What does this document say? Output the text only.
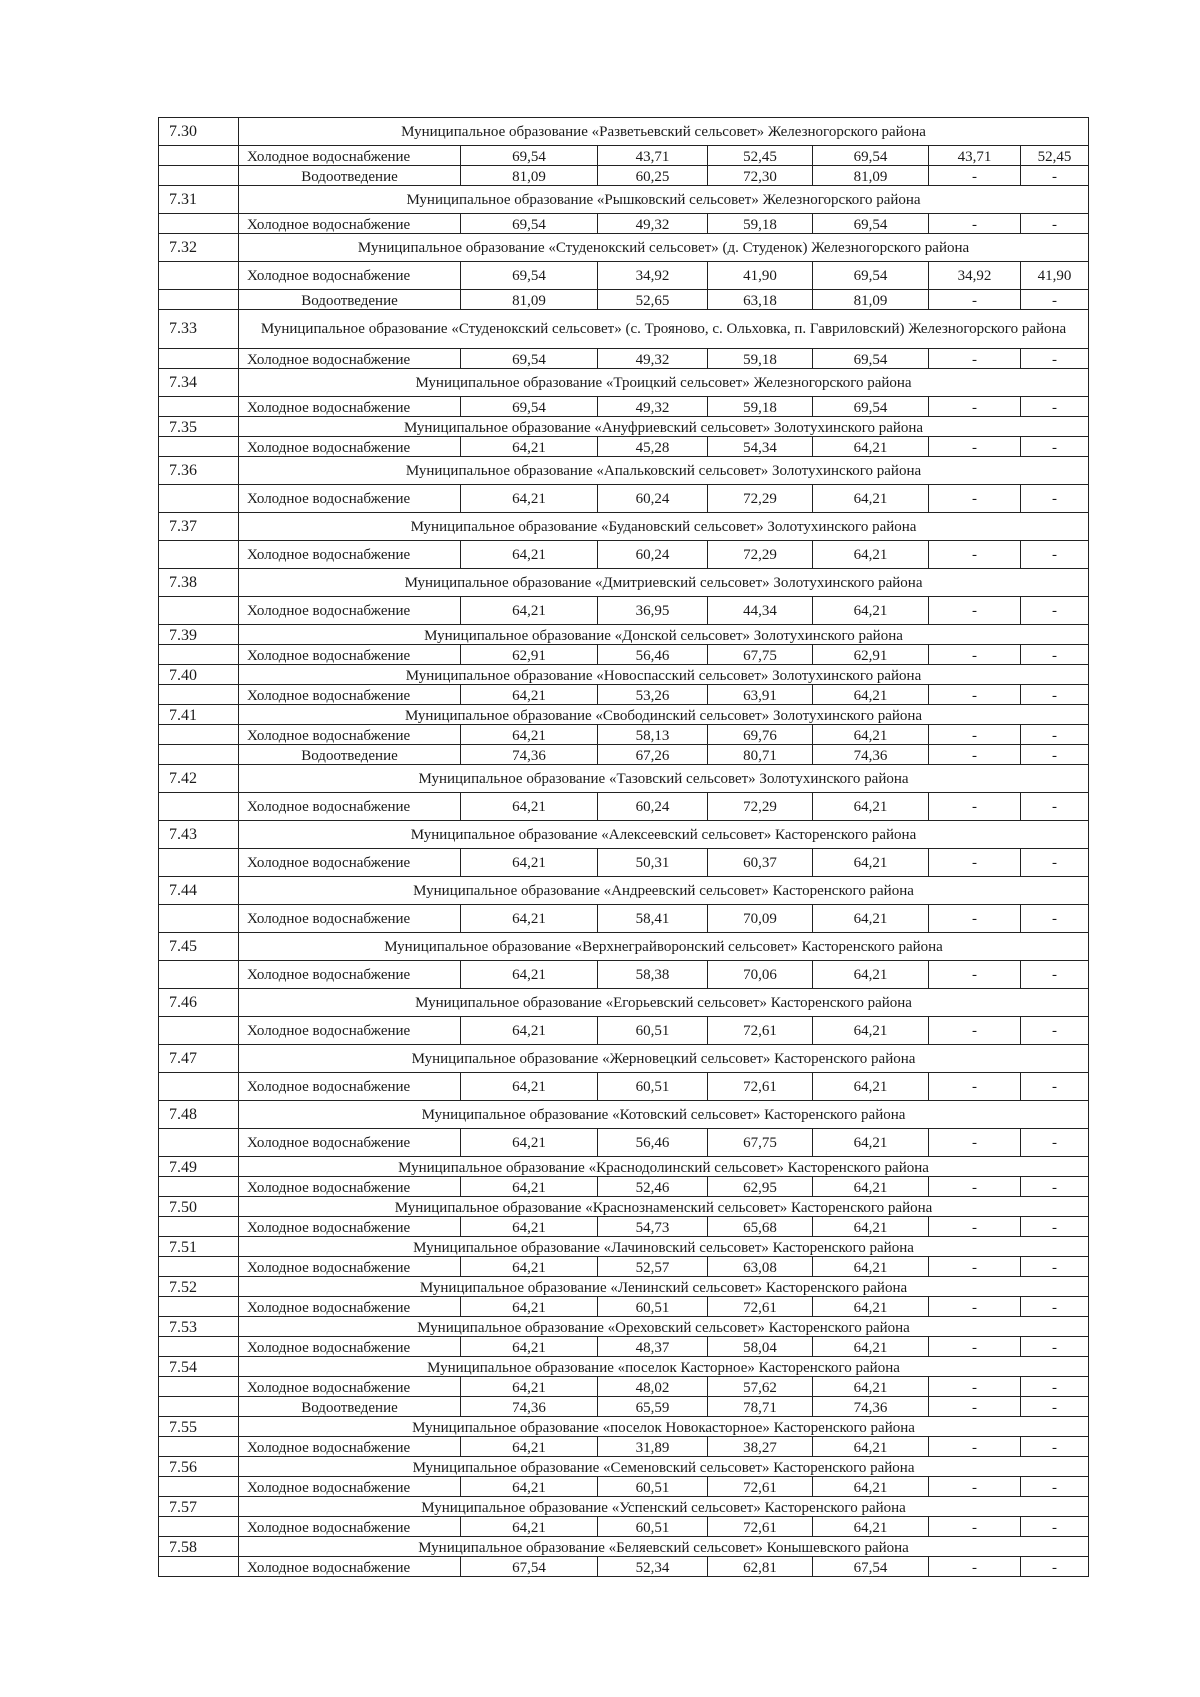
7.30	Муниципальное образование «Разветьевский сельсовет» Железногорского района						
	Холодное водоснабжение	69,54	43,71	52,45	69,54	43,71	52,45
	Водоотведение	81,09	60,25	72,30	81,09	-	-
7.31	Муниципальное образование «Рышковский сельсовет» Железногорского района						
	Холодное водоснабжение	69,54	49,32	59,18	69,54	-	-
7.32	Муниципальное образование «Студенокский сельсовет» (д. Студенок) Железногорского района						
	Холодное водоснабжение	69,54	34,92	41,90	69,54	34,92	41,90
	Водоотведение	81,09	52,65	63,18	81,09	-	-
7.33	Муниципальное образование «Студенокский сельсовет» (с. Трояново, с. Ольховка, п. Гавриловский) Железногорского района						
	Холодное водоснабжение	69,54	49,32	59,18	69,54	-	-
7.34	Муниципальное образование «Троицкий сельсовет» Железногорского района						
	Холодное водоснабжение	69,54	49,32	59,18	69,54	-	-
7.35	Муниципальное образование «Ануфриевский сельсовет» Золотухинского района						
	Холодное водоснабжение	64,21	45,28	54,34	64,21	-	-
7.36	Муниципальное образование «Апальковский сельсовет» Золотухинского района						
	Холодное водоснабжение	64,21	60,24	72,29	64,21	-	-
7.37	Муниципальное образование «Будановский сельсовет» Золотухинского района						
	Холодное водоснабжение	64,21	60,24	72,29	64,21	-	-
7.38	Муниципальное образование «Дмитриевский сельсовет» Золотухинского района						
	Холодное водоснабжение	64,21	36,95	44,34	64,21	-	-
7.39	Муниципальное образование «Донской сельсовет» Золотухинского района						
	Холодное водоснабжение	62,91	56,46	67,75	62,91	-	-
7.40	Муниципальное образование «Новоспасский сельсовет» Золотухинского района						
	Холодное водоснабжение	64,21	53,26	63,91	64,21	-	-
7.41	Муниципальное образование «Свободинский сельсовет» Золотухинского района						
	Холодное водоснабжение	64,21	58,13	69,76	64,21	-	-
	Водоотведение	74,36	67,26	80,71	74,36	-	-
7.42	Муниципальное образование «Тазовский сельсовет» Золотухинского района						
	Холодное водоснабжение	64,21	60,24	72,29	64,21	-	-
7.43	Муниципальное образование «Алексеевский сельсовет» Касторенского района						
	Холодное водоснабжение	64,21	50,31	60,37	64,21	-	-
7.44	Муниципальное образование «Андреевский сельсовет» Касторенского района						
	Холодное водоснабжение	64,21	58,41	70,09	64,21	-	-
7.45	Муниципальное образование «Верхнеграйворонский сельсовет» Касторенского района						
	Холодное водоснабжение	64,21	58,38	70,06	64,21	-	-
7.46	Муниципальное образование «Егорьевский сельсовет» Касторенского района						
	Холодное водоснабжение	64,21	60,51	72,61	64,21	-	-
7.47	Муниципальное образование «Жерновецкий сельсовет» Касторенского района						
	Холодное водоснабжение	64,21	60,51	72,61	64,21	-	-
7.48	Муниципальное образование «Котовский сельсовет» Касторенского района						
	Холодное водоснабжение	64,21	56,46	67,75	64,21	-	-
7.49	Муниципальное образование «Краснодолинский сельсовет» Касторенского района						
	Холодное водоснабжение	64,21	52,46	62,95	64,21	-	-
7.50	Муниципальное образование «Краснознаменский сельсовет» Касторенского района						
	Холодное водоснабжение	64,21	54,73	65,68	64,21	-	-
7.51	Муниципальное образование «Лачиновский сельсовет» Касторенского района						
	Холодное водоснабжение	64,21	52,57	63,08	64,21	-	-
7.52	Муниципальное образование «Ленинский сельсовет» Касторенского района						
	Холодное водоснабжение	64,21	60,51	72,61	64,21	-	-
7.53	Муниципальное образование «Ореховский сельсовет» Касторенского района						
	Холодное водоснабжение	64,21	48,37	58,04	64,21	-	-
7.54	Муниципальное образование «поселок Касторное» Касторенского района						
	Холодное водоснабжение	64,21	48,02	57,62	64,21	-	-
	Водоотведение	74,36	65,59	78,71	74,36	-	-
7.55	Муниципальное образование «поселок Новокасторное» Касторенского района						
	Холодное водоснабжение	64,21	31,89	38,27	64,21	-	-
7.56	Муниципальное образование «Семеновский сельсовет» Касторенского района						
	Холодное водоснабжение	64,21	60,51	72,61	64,21	-	-
7.57	Муниципальное образование «Успенский сельсовет» Касторенского района						
	Холодное водоснабжение	64,21	60,51	72,61	64,21	-	-
7.58	Муниципальное образование «Беляевский сельсовет» Конышевского района						
	Холодное водоснабжение	67,54	52,34	62,81	67,54	-	-
